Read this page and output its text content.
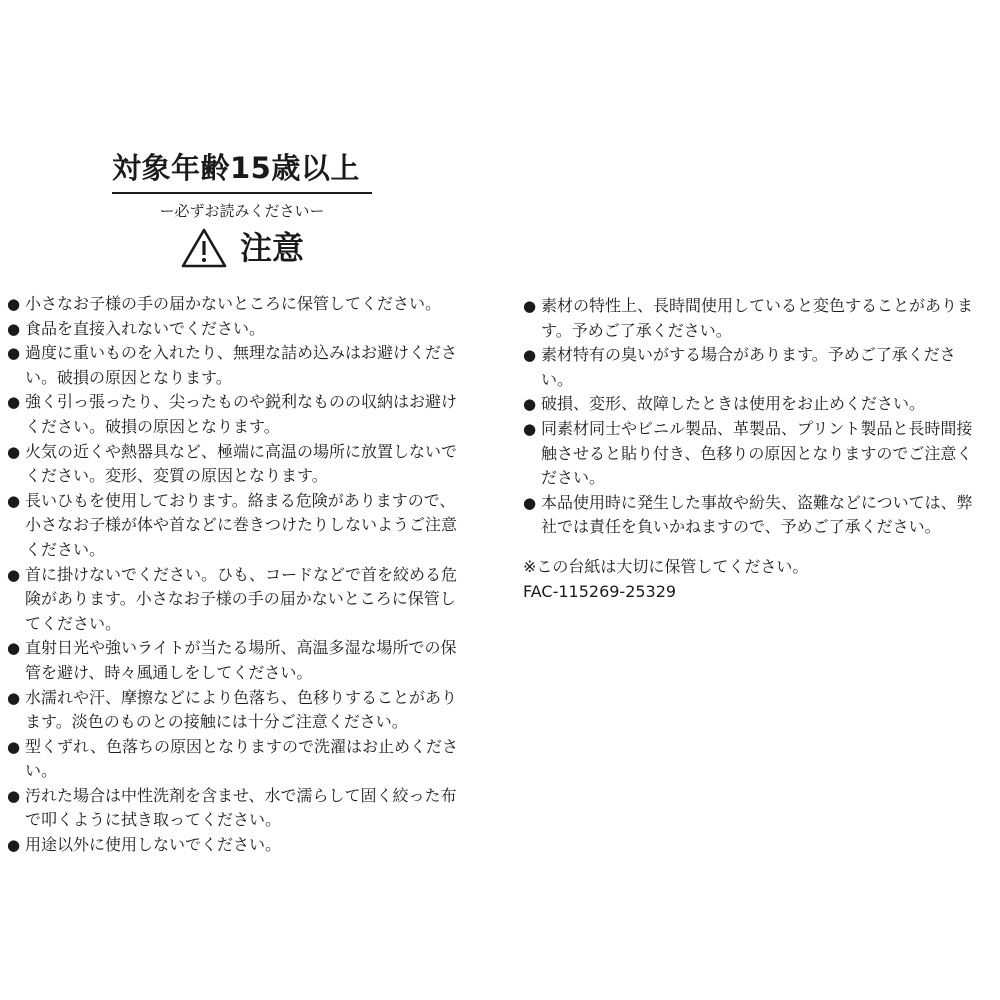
対象年齢15歳以上
ー必ずお読みくださいー
注意
● 小さなお子様の手の届かないところに保管してください。
● 食品を直接入れないでください。
● 過度に重いものを入れたり、無理な詰め込みはお避けください。破損の原因となります。
● 強く引っ張ったり、尖ったものや鋭利なものの収納はお避けください。破損の原因となります。
● 火気の近くや熱器具など、極端に高温の場所に放置しないでください。変形、変質の原因となります。
● 長いひもを使用しております。絡まる危険がありますので、小さなお子様が体や首などに巻きつけたりしないようご注意ください。
● 首に掛けないでください。ひも、コードなどで首を絞める危険があります。小さなお子様の手の届かないところに保管してください。
● 直射日光や強いライトが当たる場所、高温多湿な場所での保管を避け、時々風通しをしてください。
● 水濡れや汗、摩擦などにより色落ち、色移りすることがあります。淡色のものとの接触には十分ご注意ください。
● 型くずれ、色落ちの原因となりますので洗濯はお止めください。
● 汚れた場合は中性洗剤を含ませ、水で濡らして固く絞った布で叩くように拭き取ってください。
● 用途以外に使用しないでください。
● 素材の特性上、長時間使用していると変色することがあります。予めご了承ください。
● 素材特有の臭いがする場合があります。予めご了承ください。
● 破損、変形、故障したときは使用をお止めください。
● 同素材同士やビニル製品、革製品、プリント製品と長時間接触させると貼り付き、色移りの原因となりますのでご注意ください。
● 本品使用時に発生した事故や紛失、盗難などについては、弊社では責任を負いかねますので、予めご了承ください。
※この台紙は大切に保管してください。
FAC-115269-25329
